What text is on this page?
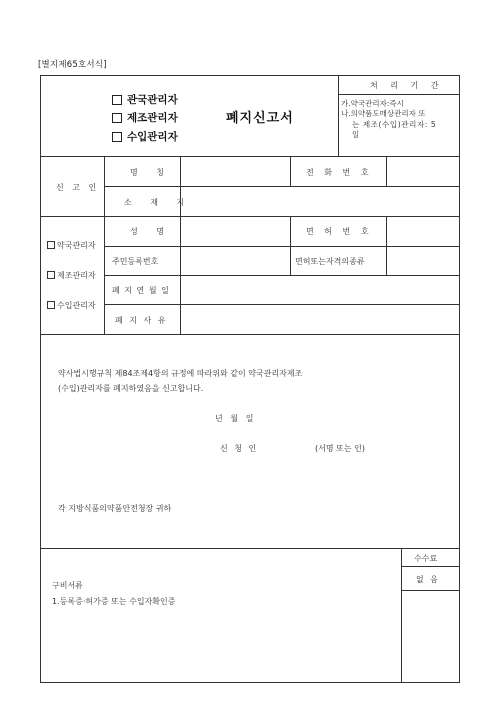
[별지제65호서식]
관국관리자
제조관리자
수입관리자
폐지신고서
처 리 기 간
가.약국관리자:즉시
나.의약품도매상관리자 또
는 제조(수입)관리자: 5
일
신 고 인
명 칭	전 화 번 호
소 재 지
약국관리자
제조관리자
수입관리자
성 명	면 허 번 호
주민등록번호	면허또는자격의종류
폐 지 연 월 일
폐 지 사 유
약사법시행규칙 제84조제4항의 규정에 따라위와 같이 약국관리자제조
(수입)관리자를 폐지하였음을 신고합니다.
년   월   일
신 청 인	(서명 또는 인)
각 지방식품의약품안전청장 귀하
수수료
없 음
구비서류
1.등록증·허가증 또는 수입자확인증
